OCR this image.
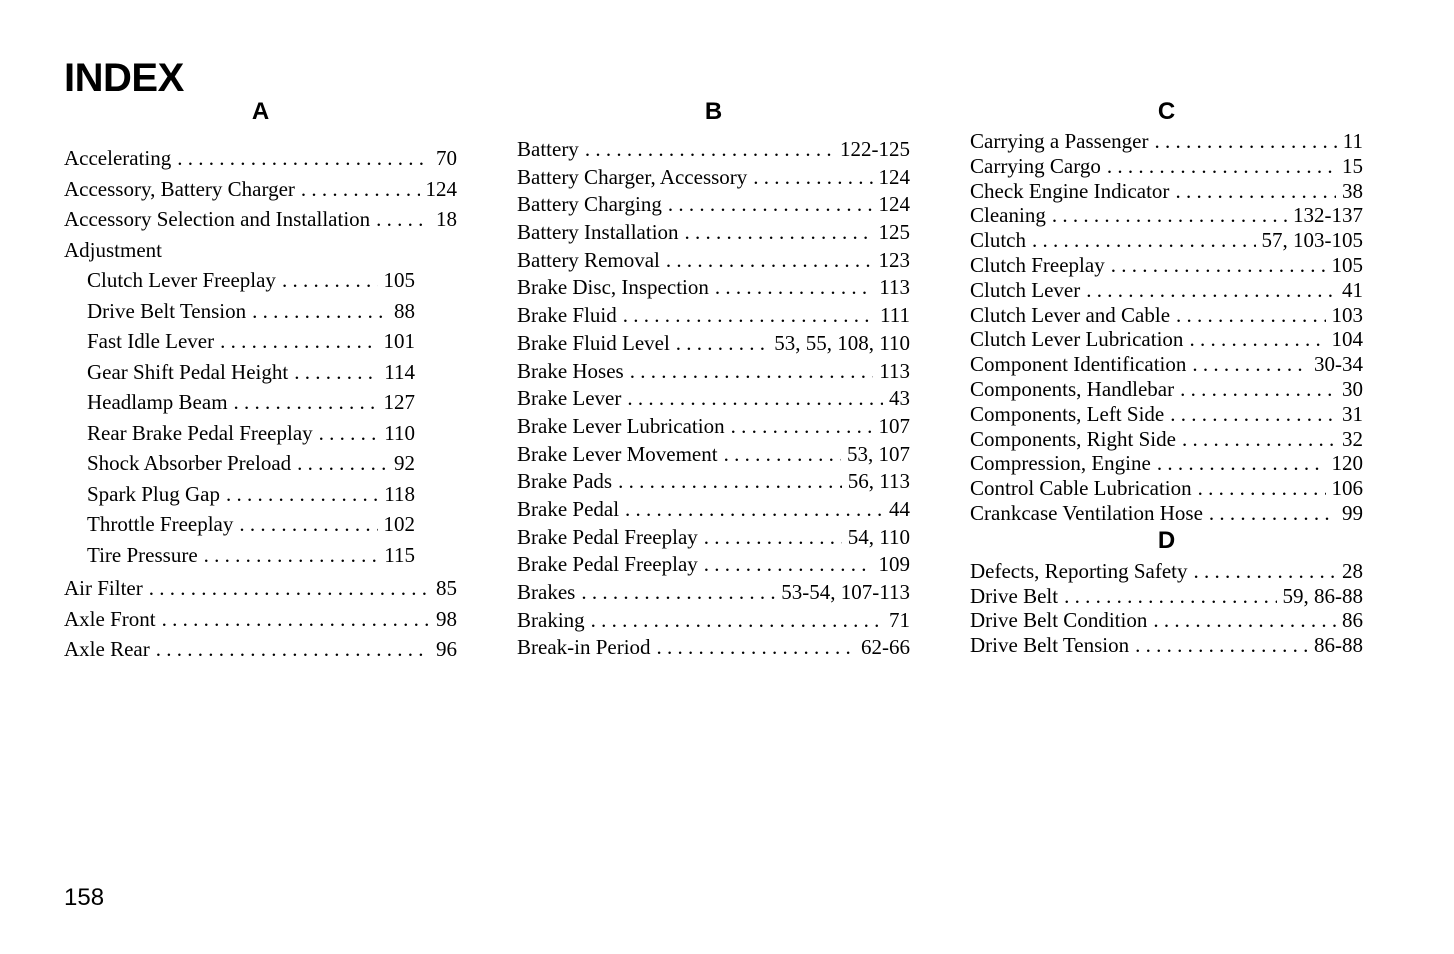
INDEX
A
Accelerating . . .	70
Accessory, Battery Charger . . .	124
Accessory Selection and Installation . . .	18
Adjustment
Clutch Lever Freeplay . . .	105
Drive Belt Tension . . .	88
Fast Idle Lever . . .	101
Gear Shift Pedal Height . . .	114
Headlamp Beam . . .	127
Rear Brake Pedal Freeplay . . .	110
Shock Absorber Preload . . .	92
Spark Plug Gap . . .	118
Throttle Freeplay . . .	102
Tire Pressure . . .	115
Air Filter . . .	85
Axle Front . . .	98
Axle Rear . . .	96
B
Battery . . .	122-125
Battery Charger, Accessory . . .	124
Battery Charging . . .	124
Battery Installation . . .	125
Battery Removal . . .	123
Brake Disc, Inspection . . .	113
Brake Fluid . . .	111
Brake Fluid Level . . .	53, 55, 108, 110
Brake Hoses . . .	113
Brake Lever . . .	43
Brake Lever Lubrication . . .	107
Brake Lever Movement . . .	53, 107
Brake Pads . . .	56, 113
Brake Pedal . . .	44
Brake Pedal Freeplay . . .	54, 110
Brake Pedal Freeplay . . .	109
Brakes . . .	53-54, 107-113
Braking . . .	71
Break-in Period . . .	62-66
C
Carrying a Passenger . . .	11
Carrying Cargo . . .	15
Check Engine Indicator . . .	38
Cleaning . . .	132-137
Clutch . . .	57, 103-105
Clutch Freeplay . . .	105
Clutch Lever . . .	41
Clutch Lever and Cable . . .	103
Clutch Lever Lubrication . . .	104
Component Identification . . .	30-34
Components, Handlebar . . .	30
Components, Left Side . . .	31
Components, Right Side . . .	32
Compression, Engine . . .	120
Control Cable Lubrication . . .	106
Crankcase Ventilation Hose . . .	99
D
Defects, Reporting Safety . . .	28
Drive Belt . . .	59, 86-88
Drive Belt Condition . . .	86
Drive Belt Tension . . .	86-88
158
